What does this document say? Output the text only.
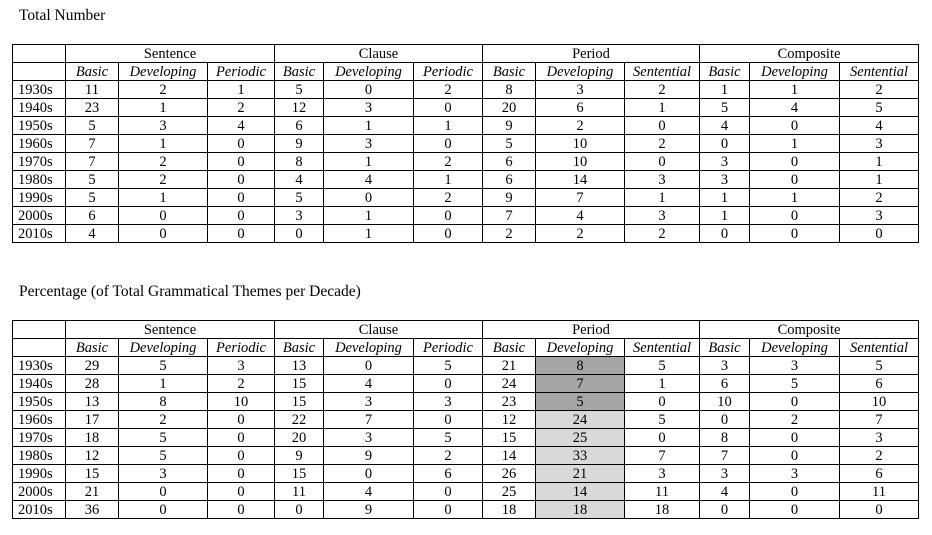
Total Number
	Sentence			Clause			Period			Composite		
	Basic	Developing	Periodic	Basic	Developing	Periodic	Basic	Developing	Sentential	Basic	Developing	Sentential
1930s	11	2	1	5	0	2	8	3	2	1	1	2
1940s	23	1	2	12	3	0	20	6	1	5	4	5
1950s	5	3	4	6	1	1	9	2	0	4	0	4
1960s	7	1	0	9	3	0	5	10	2	0	1	3
1970s	7	2	0	8	1	2	6	10	0	3	0	1
1980s	5	2	0	4	4	1	6	14	3	3	0	1
1990s	5	1	0	5	0	2	9	7	1	1	1	2
2000s	6	0	0	3	1	0	7	4	3	1	0	3
2010s	4	0	0	0	1	0	2	2	2	0	0	0
Percentage (of Total Grammatical Themes per Decade)
	Sentence			Clause			Period			Composite		
	Basic	Developing	Periodic	Basic	Developing	Periodic	Basic	Developing	Sentential	Basic	Developing	Sentential
1930s	29	5	3	13	0	5	21	8	5	3	3	5
1940s	28	1	2	15	4	0	24	7	1	6	5	6
1950s	13	8	10	15	3	3	23	5	0	10	0	10
1960s	17	2	0	22	7	0	12	24	5	0	2	7
1970s	18	5	0	20	3	5	15	25	0	8	0	3
1980s	12	5	0	9	9	2	14	33	7	7	0	2
1990s	15	3	0	15	0	6	26	21	3	3	3	6
2000s	21	0	0	11	4	0	25	14	11	4	0	11
2010s	36	0	0	0	9	0	18	18	18	0	0	0
